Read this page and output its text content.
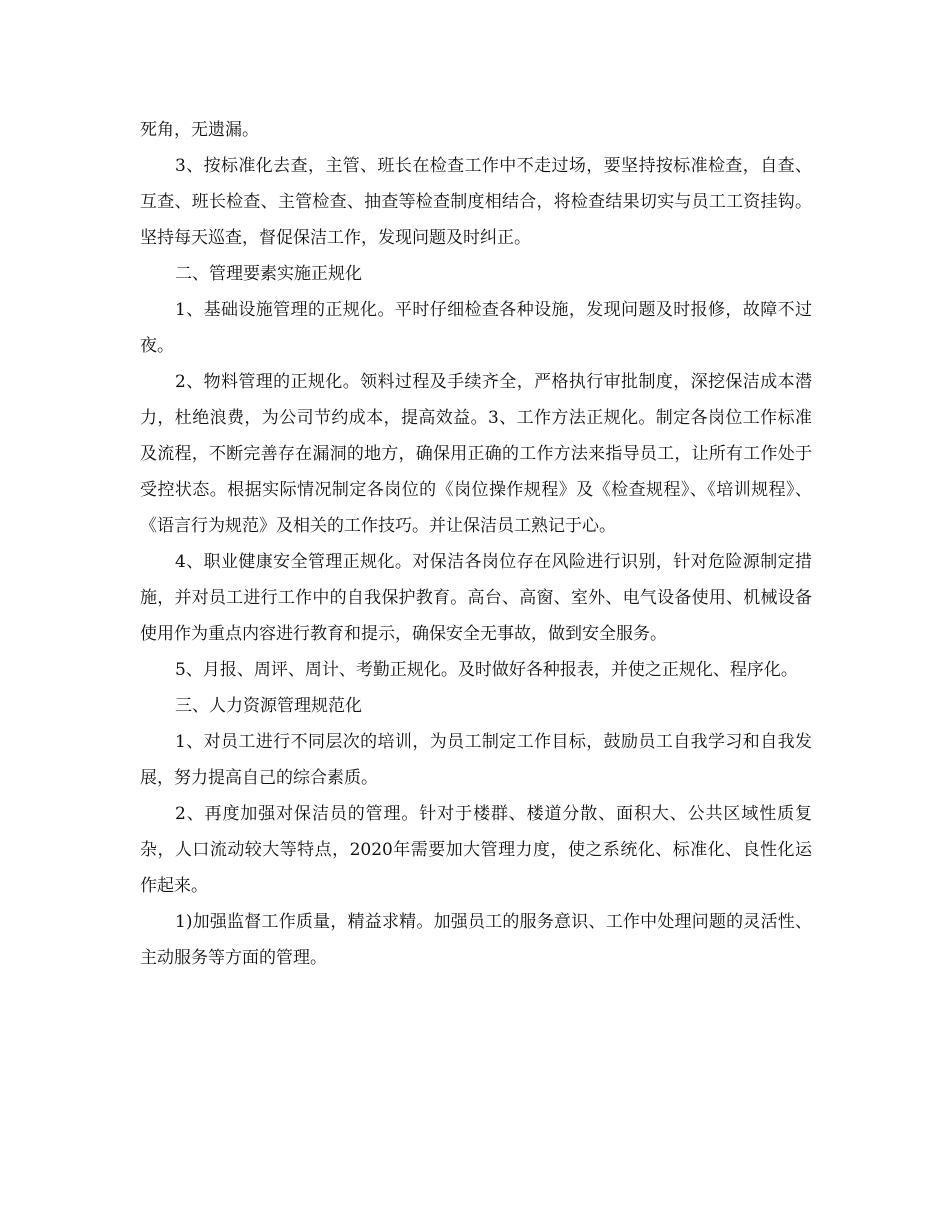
死角，无遗漏。

3、按标准化去查，主管、班长在检查工作中不走过场，要坚持按标准检查，自查、互查、班长检查、主管检查、抽查等检查制度相结合，将检查结果切实与员工工资挂钩。坚持每天巡查，督促保洁工作，发现问题及时纠正。

二、管理要素实施正规化

1、基础设施管理的正规化。平时仔细检查各种设施，发现问题及时报修，故障不过夜。

2、物料管理的正规化。领料过程及手续齐全，严格执行审批制度，深挖保洁成本潜力，杜绝浪费，为公司节约成本，提高效益。3、工作方法正规化。制定各岗位工作标准及流程，不断完善存在漏洞的地方，确保用正确的工作方法来指导员工，让所有工作处于受控状态。根据实际情况制定各岗位的《岗位操作规程》及《检查规程》、《培训规程》、《语言行为规范》及相关的工作技巧。并让保洁员工熟记于心。

4、职业健康安全管理正规化。对保洁各岗位存在风险进行识别，针对危险源制定措施，并对员工进行工作中的自我保护教育。高台、高窗、室外、电气设备使用、机械设备使用作为重点内容进行教育和提示，确保安全无事故，做到安全服务。

5、月报、周评、周计、考勤正规化。及时做好各种报表，并使之正规化、程序化。

三、人力资源管理规范化

1、对员工进行不同层次的培训，为员工制定工作目标，鼓励员工自我学习和自我发展，努力提高自己的综合素质。

2、再度加强对保洁员的管理。针对于楼群、楼道分散、面积大、公共区域性质复杂，人口流动较大等特点，2020年需要加大管理力度，使之系统化、标准化、良性化运作起来。

1)加强监督工作质量，精益求精。加强员工的服务意识、工作中处理问题的灵活性、主动服务等方面的管理。
